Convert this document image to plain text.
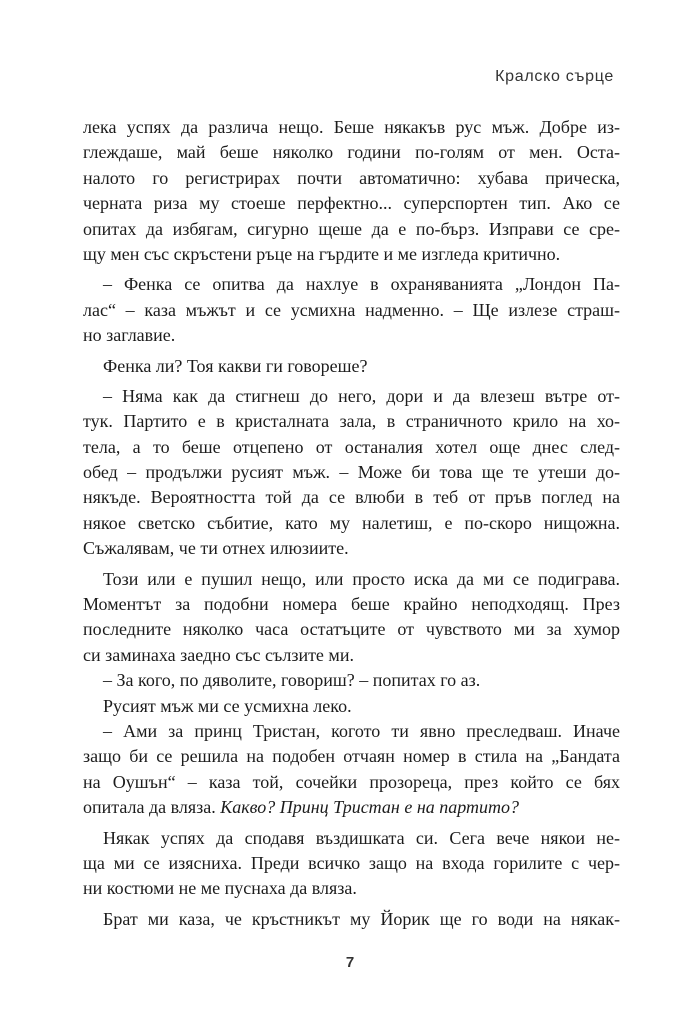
Кралско сърце
лека успях да различа нещо. Беше някакъв рус мъж. Добре из-
глеждаше, май беше няколко години по-голям от мен. Оста-
налото го регистрирах почти автоматично: хубава прическа,
черната риза му стоеше перфектно... суперспортен тип. Ако се
опитах да избягам, сигурно щеше да е по-бърз. Изправи се сре-
щу мен със скръстени ръце на гърдите и ме изгледа критично.
– Фенка се опитва да нахлуе в охраняванията „Лондон Па-
лас“ – каза мъжът и се усмихна надменно. – Ще излезе страш-
но заглавие.
Фенка ли? Тоя какви ги говореше?
– Няма как да стигнеш до него, дори и да влезеш вътре от-
тук. Партито е в кристалната зала, в страничното крило на хо-
тела, а то беше отцепено от останалия хотел още днес след-
обед – продължи русият мъж. – Може би това ще те утеши до-
някъде. Вероятността той да се влюби в теб от пръв поглед на
някое светско събитие, като му налетиш, е по-скоро нищожна.
Съжалявам, че ти отнех илюзиите.
Този или е пушил нещо, или просто иска да ми се подиграва.
Моментът за подобни номера беше крайно неподходящ. През
последните няколко часа остатъците от чувството ми за хумор
си заминаха заедно със сълзите ми.
– За кого, по дяволите, говориш? – попитах го аз.
Русият мъж ми се усмихна леко.
– Ами за принц Тристан, когото ти явно преследваш. Иначе
защо би се решила на подобен отчаян номер в стила на „Бандата
на Оушън“ – каза той, сочейки прозореца, през който се бях
опитала да вляза. Какво? Принц Тристан е на партито?
Някак успях да сподавя въздишката си. Сега вече някои не-
ща ми се изясниха. Преди всичко защо на входа горилите с чер-
ни костюми не ме пуснаха да вляза.
Брат ми каза, че кръстникът му Йорик ще го води на някак-
7
